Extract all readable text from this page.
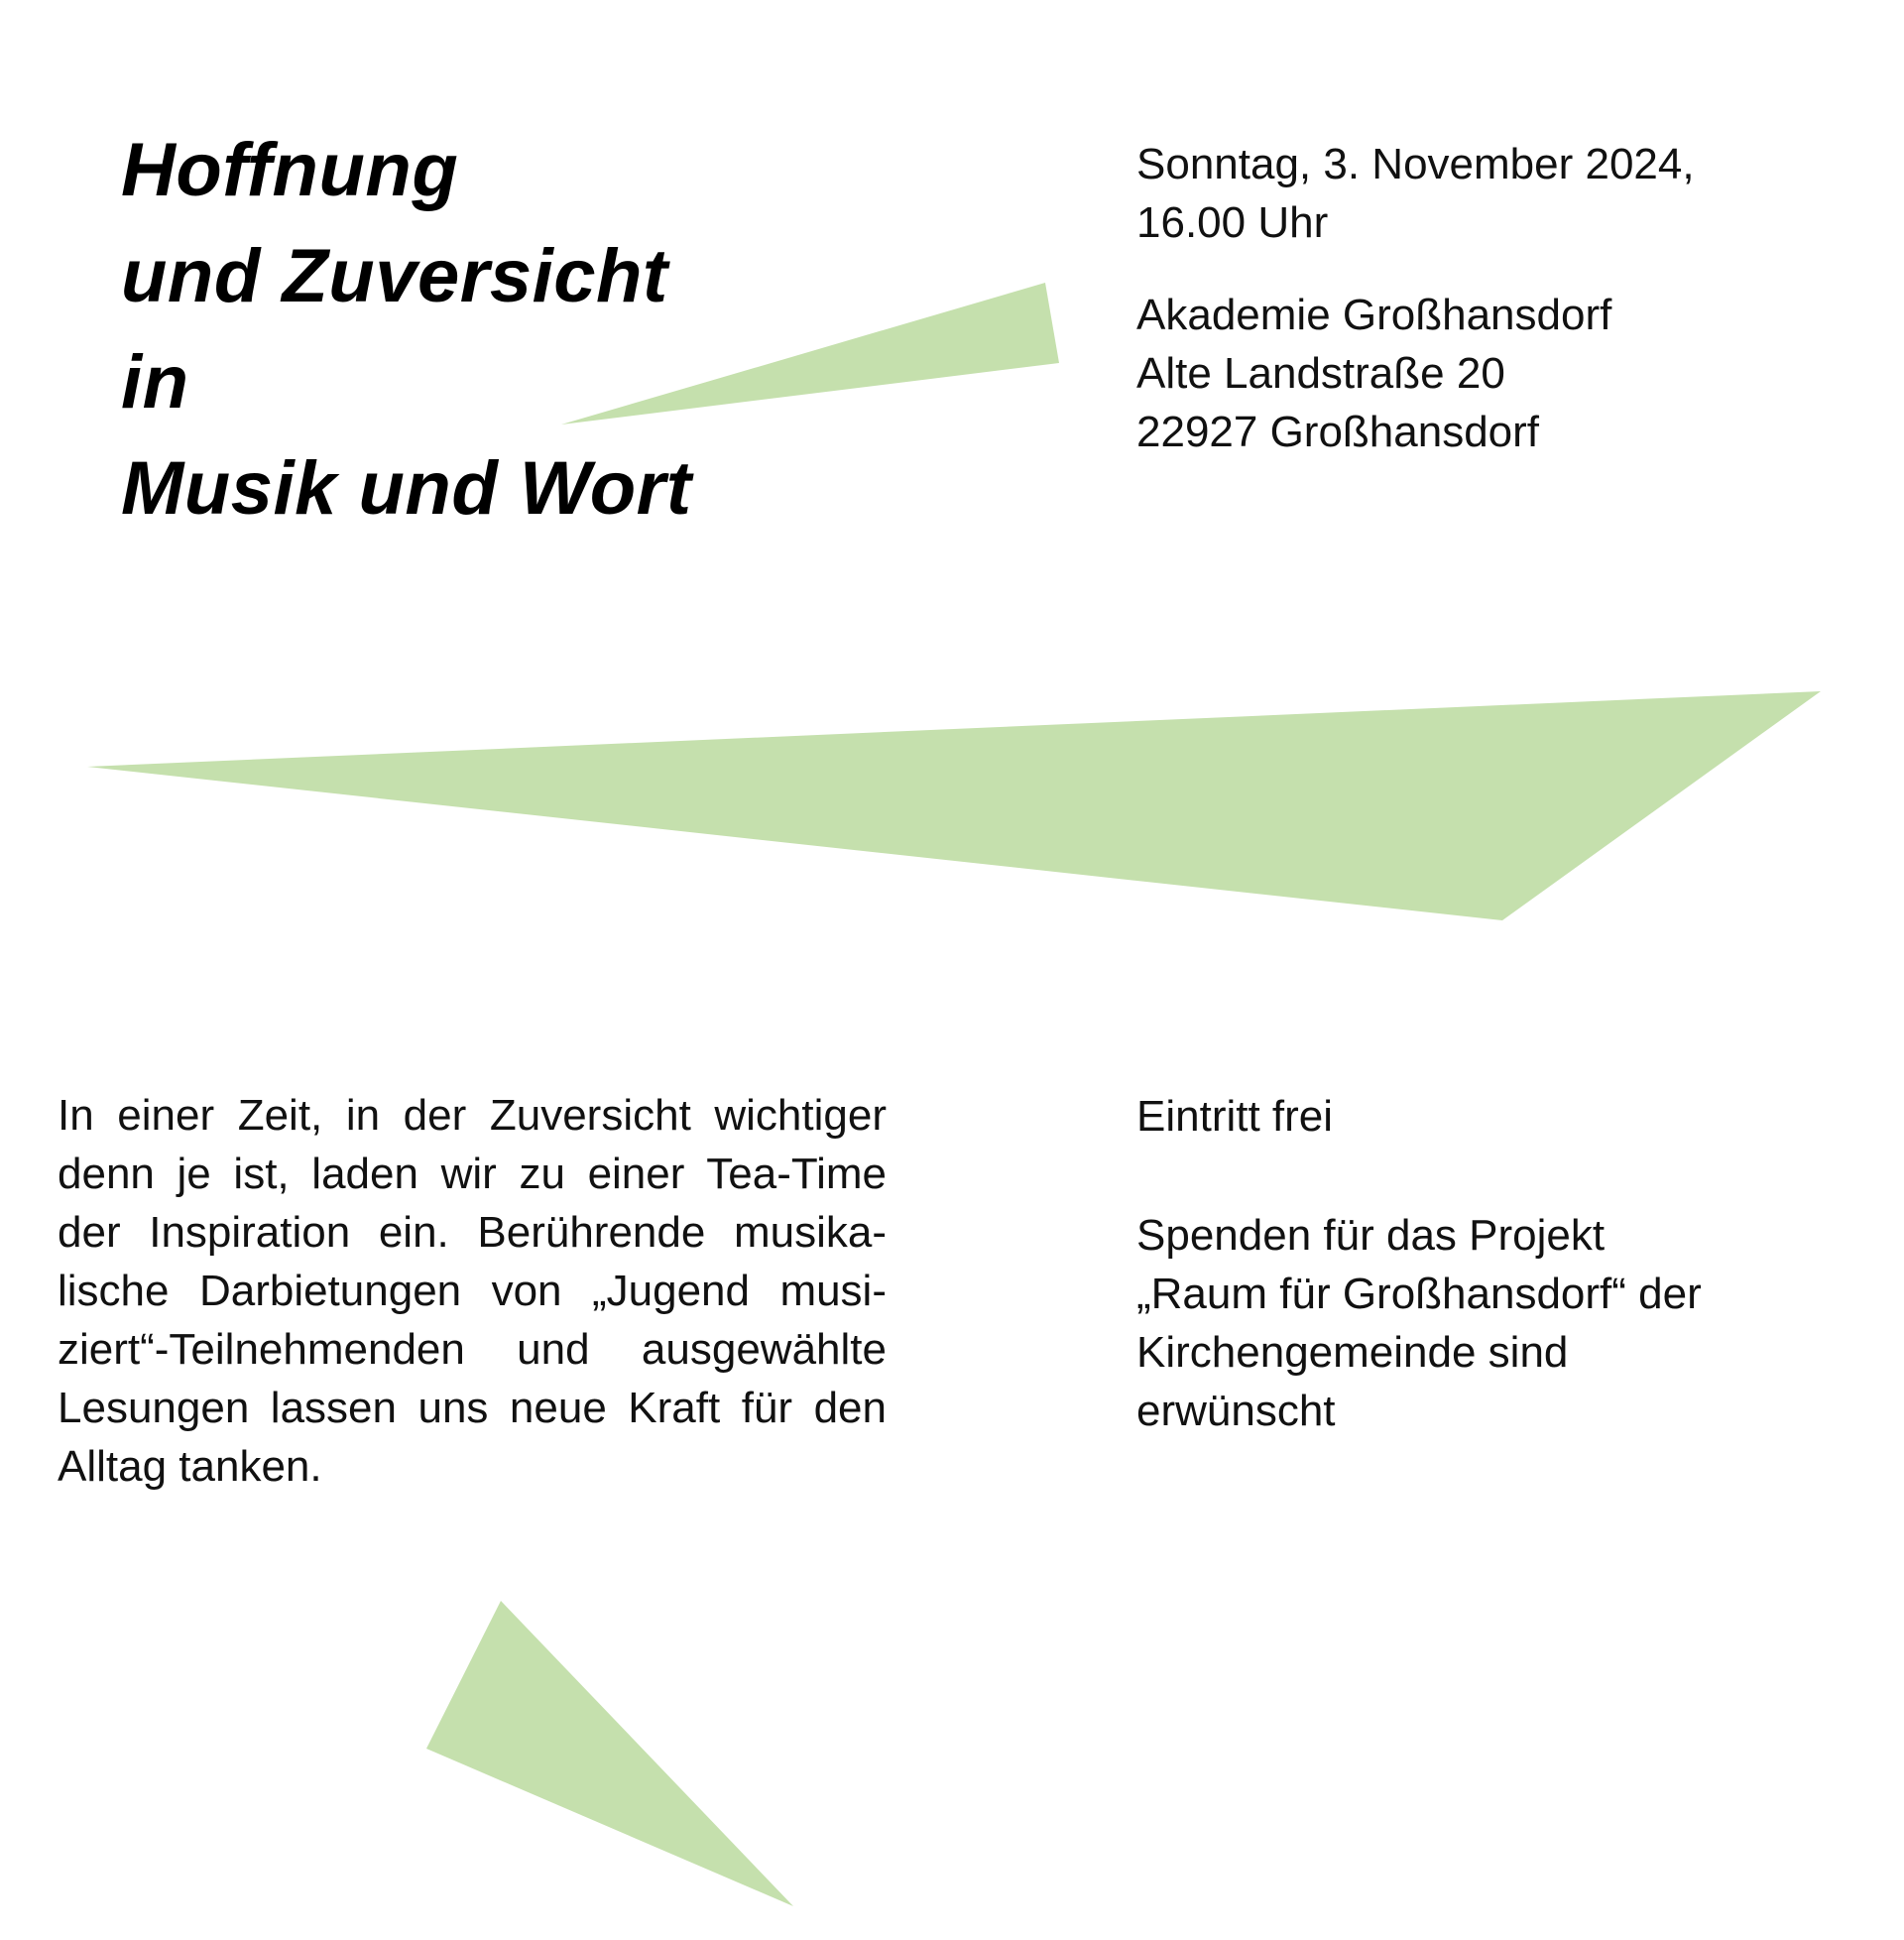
Hoffnung
und Zuversicht
in
Musik und Wort
Sonntag, 3. November 2024,
16.00 Uhr
Akademie Großhansdorf
Alte Landstraße 20
22927 Großhansdorf

In einer Zeit, in der Zuversicht wichtiger
denn je ist, laden wir zu einer Tea-Time
der Inspiration ein. Berührende musika-
lische Darbietungen von „Jugend musi-
ziert“-Teilnehmenden und ausgewählte
Lesungen lassen uns neue Kraft für den
Alltag tanken.

Eintritt frei
Spenden für das Projekt
„Raum für Großhansdorf“ der
Kirchengemeinde sind
erwünscht
